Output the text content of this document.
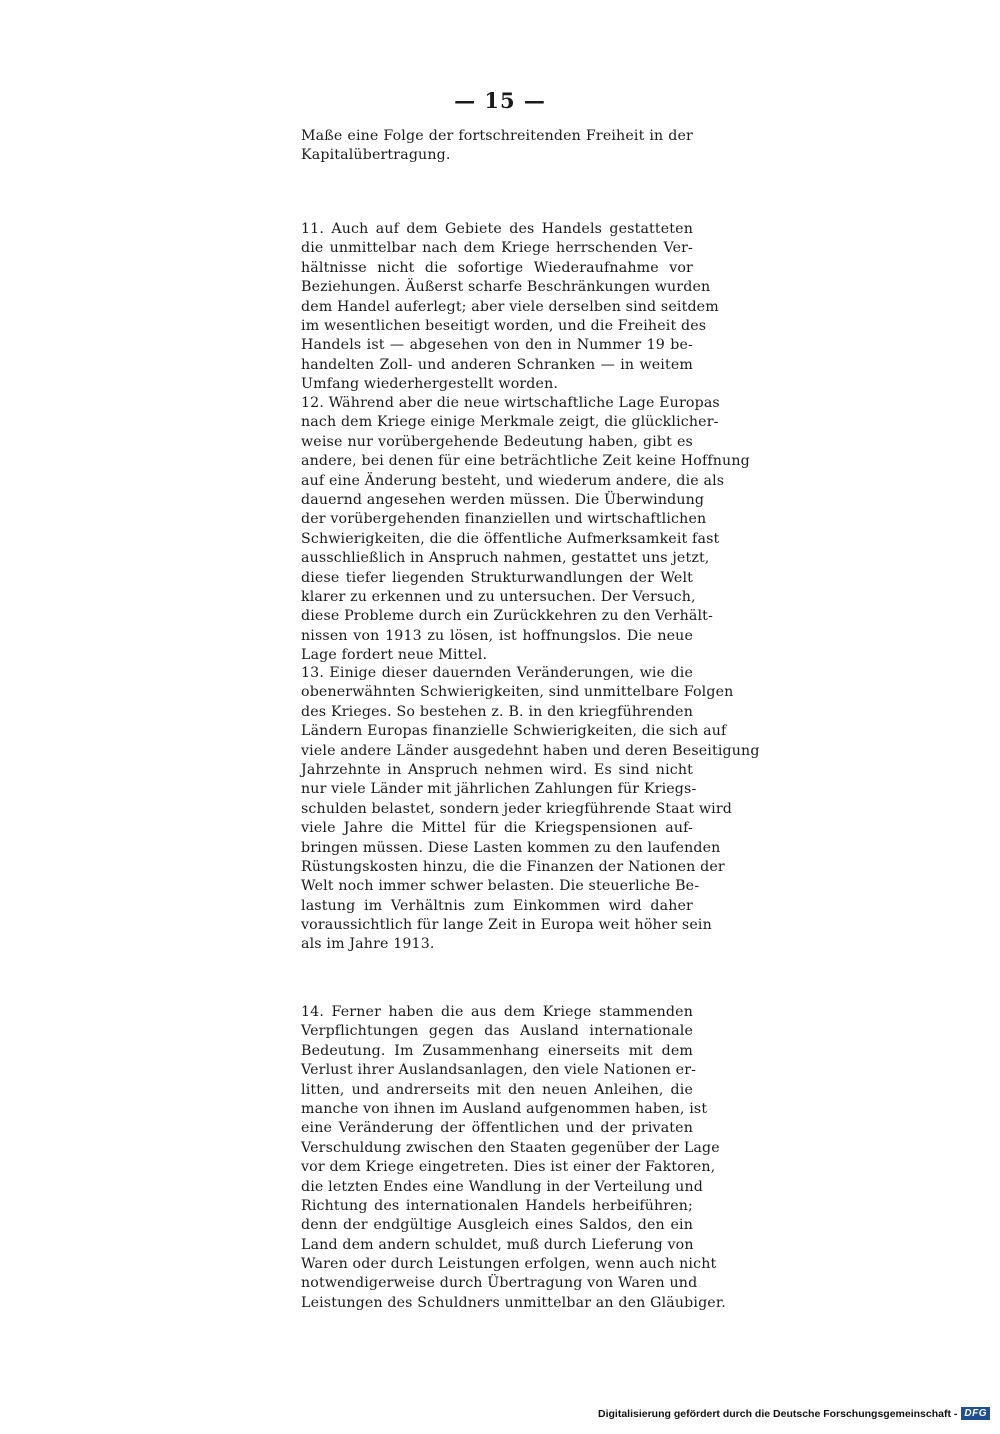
— 15 —
Maße eine Folge der fortschreitenden Freiheit in der
Kapitalübertragung.
11. Auch auf dem Gebiete des Handels gestatteten
die unmittelbar nach dem Kriege herrschenden Ver-
hältnisse nicht die sofortige Wiederaufnahme vor
Beziehungen. Äußerst scharfe Beschränkungen wurden
dem Handel auferlegt; aber viele derselben sind seitdem
im wesentlichen beseitigt worden, und die Freiheit des
Handels ist — abgesehen von den in Nummer 19 be-
handelten Zoll- und anderen Schranken — in weitem
Umfang wiederhergestellt worden.
12. Während aber die neue wirtschaftliche Lage Europas
nach dem Kriege einige Merkmale zeigt, die glücklicher-
weise nur vorübergehende Bedeutung haben, gibt es
andere, bei denen für eine beträchtliche Zeit keine Hoffnung
auf eine Änderung besteht, und wiederum andere, die als
dauernd angesehen werden müssen. Die Überwindung
der vorübergehenden finanziellen und wirtschaftlichen
Schwierigkeiten, die die öffentliche Aufmerksamkeit fast
ausschließlich in Anspruch nahmen, gestattet uns jetzt,
diese tiefer liegenden Strukturwandlungen der Welt
klarer zu erkennen und zu untersuchen. Der Versuch,
diese Probleme durch ein Zurückkehren zu den Verhält-
nissen von 1913 zu lösen, ist hoffnungslos. Die neue
Lage fordert neue Mittel.
13. Einige dieser dauernden Veränderungen, wie die
obenerwähnten Schwierigkeiten, sind unmittelbare Folgen
des Krieges. So bestehen z. B. in den kriegführenden
Ländern Europas finanzielle Schwierigkeiten, die sich auf
viele andere Länder ausgedehnt haben und deren Beseitigung
Jahrzehnte in Anspruch nehmen wird. Es sind nicht
nur viele Länder mit jährlichen Zahlungen für Kriegs-
schulden belastet, sondern jeder kriegführende Staat wird
viele Jahre die Mittel für die Kriegspensionen auf-
bringen müssen. Diese Lasten kommen zu den laufenden
Rüstungskosten hinzu, die die Finanzen der Nationen der
Welt noch immer schwer belasten. Die steuerliche Be-
lastung im Verhältnis zum Einkommen wird daher
voraussichtlich für lange Zeit in Europa weit höher sein
als im Jahre 1913.
14. Ferner haben die aus dem Kriege stammenden
Verpflichtungen gegen das Ausland internationale
Bedeutung. Im Zusammenhang einerseits mit dem
Verlust ihrer Auslandsanlagen, den viele Nationen er-
litten, und andrerseits mit den neuen Anleihen, die
manche von ihnen im Ausland aufgenommen haben, ist
eine Veränderung der öffentlichen und der privaten
Verschuldung zwischen den Staaten gegenüber der Lage
vor dem Kriege eingetreten. Dies ist einer der Faktoren,
die letzten Endes eine Wandlung in der Verteilung und
Richtung des internationalen Handels herbeiführen;
denn der endgültige Ausgleich eines Saldos, den ein
Land dem andern schuldet, muß durch Lieferung von
Waren oder durch Leistungen erfolgen, wenn auch nicht
notwendigerweise durch Übertragung von Waren und
Leistungen des Schuldners unmittelbar an den Gläubiger.
Digitalisierung gefördert durch die Deutsche Forschungsgemeinschaft - DFG
